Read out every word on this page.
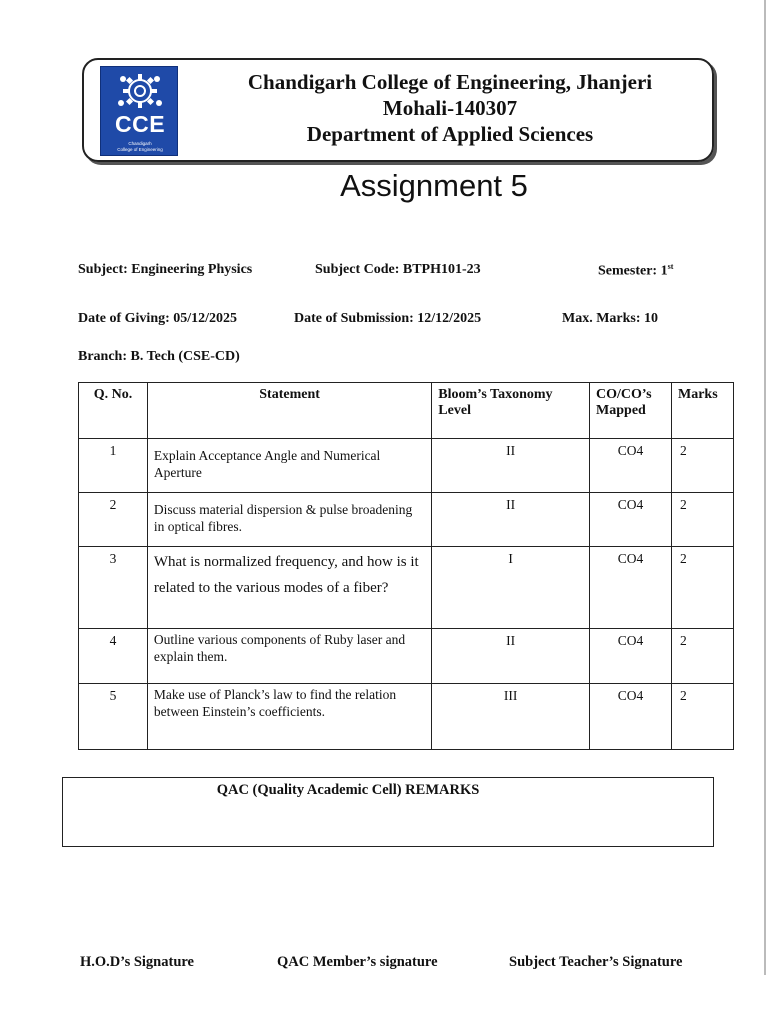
CCE
Chandigarh
College of Engineering
Chandigarh College of Engineering, Jhanjeri
Mohali-140307
Department of Applied Sciences
Assignment 5
Subject: Engineering Physics	Subject Code: BTPH101-23	Semester: 1st
Date of Giving: 05/12/2025	Date of Submission: 12/12/2025	Max. Marks: 10
Branch: B. Tech (CSE-CD)
Q. No.	Statement	Bloom’s Taxonomy Level	CO/CO’s Mapped	Marks
1	Explain Acceptance Angle and Numerical Aperture	II	CO4	2
2	Discuss material dispersion & pulse broadening in optical fibres.	II	CO4	2
3	What is normalized frequency, and how is it related to the various modes of a fiber?	I	CO4	2
4	Outline various components of Ruby laser and explain them.	II	CO4	2
5	Make use of Planck’s law to find the relation between Einstein’s coefficients.	III	CO4	2
QAC (Quality Academic Cell) REMARKS
H.O.D’s Signature	QAC Member’s signature	Subject Teacher’s Signature
